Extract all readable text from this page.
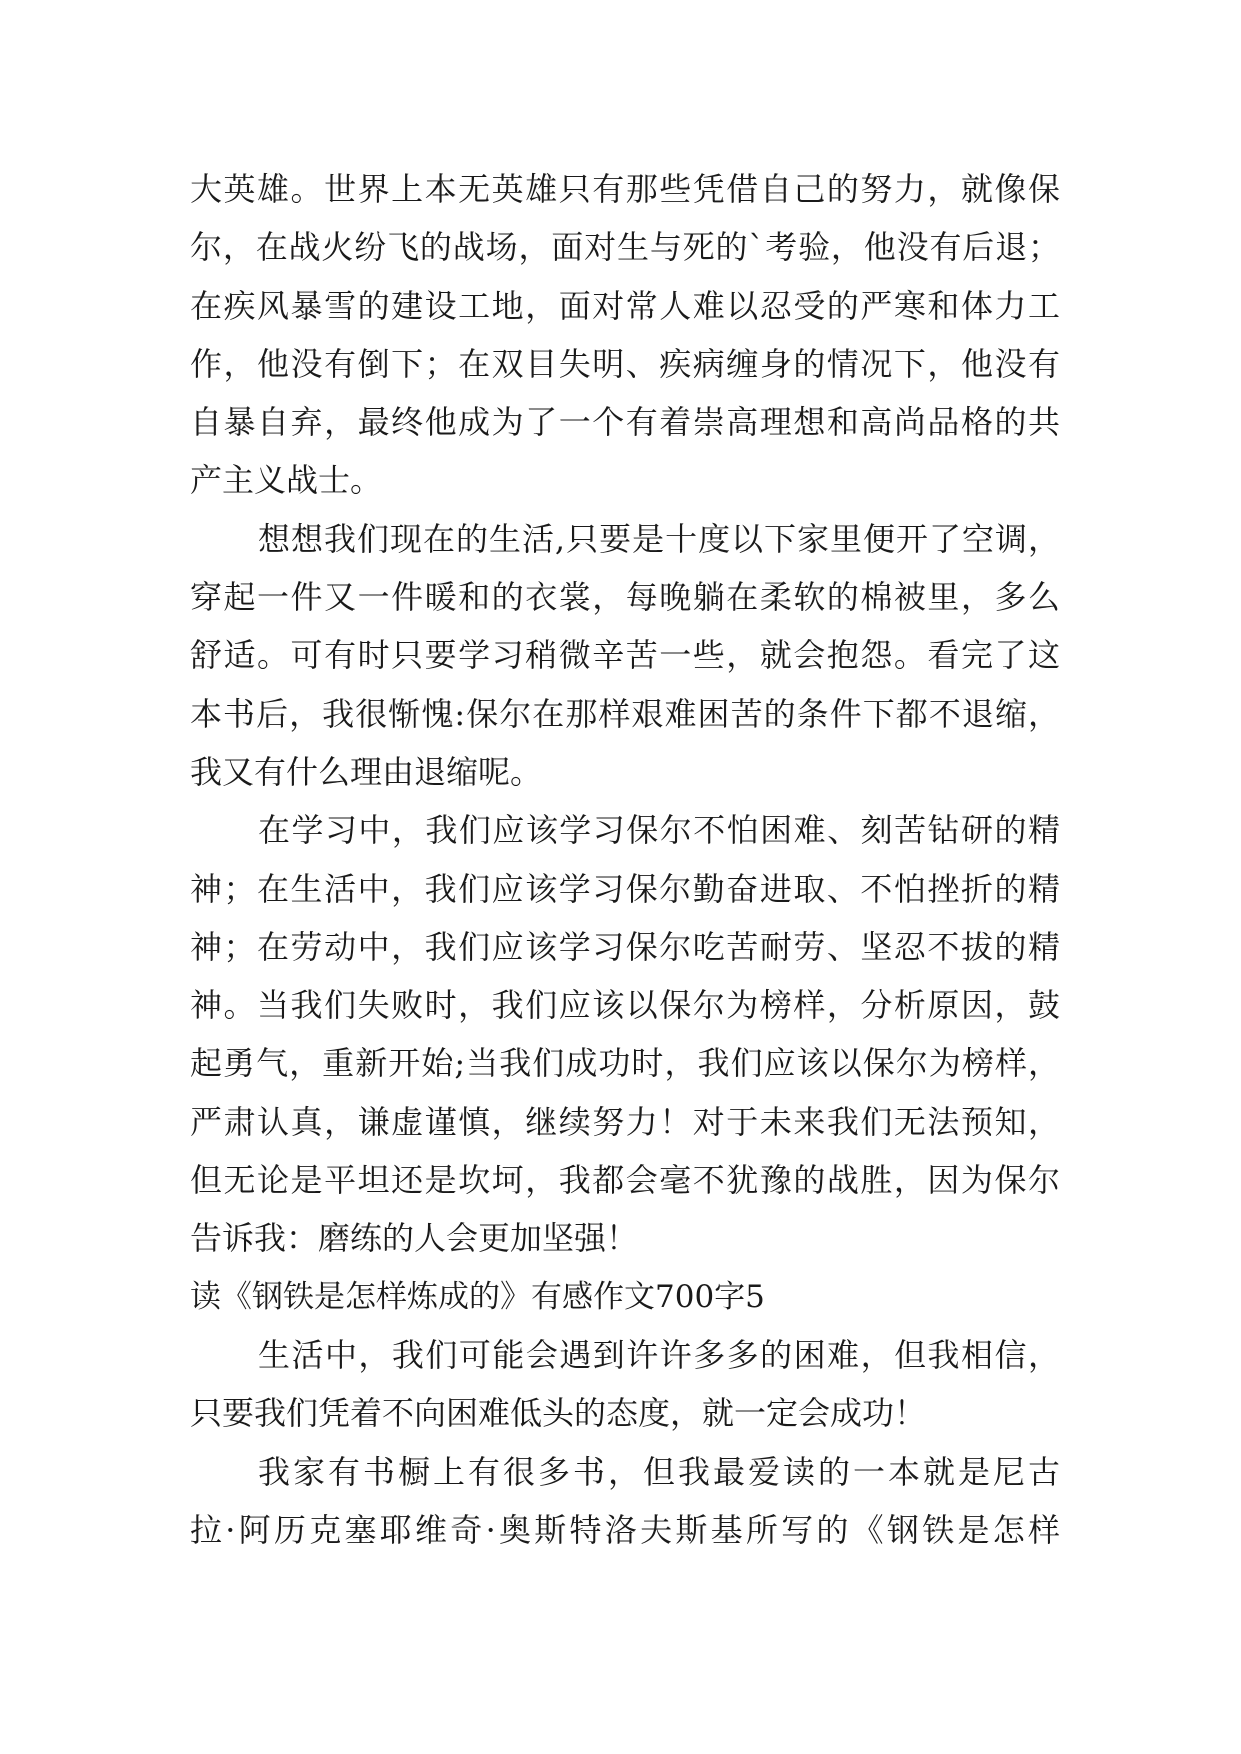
大英雄。世界上本无英雄只有那些凭借自己的努力，就像保
尔，在战火纷飞的战场，面对生与死的`考验，他没有后退；
在疾风暴雪的建设工地，面对常人难以忍受的严寒和体力工
作，他没有倒下；在双目失明、疾病缠身的情况下，他没有
自暴自弃，最终他成为了一个有着崇高理想和高尚品格的共
产主义战士。
想想我们现在的生活,只要是十度以下家里便开了空调，
穿起一件又一件暖和的衣裳，每晚躺在柔软的棉被里，多么
舒适。可有时只要学习稍微辛苦一些，就会抱怨。看完了这
本书后，我很惭愧:保尔在那样艰难困苦的条件下都不退缩，
我又有什么理由退缩呢。
在学习中，我们应该学习保尔不怕困难、刻苦钻研的精
神；在生活中，我们应该学习保尔勤奋进取、不怕挫折的精
神；在劳动中，我们应该学习保尔吃苦耐劳、坚忍不拔的精
神。当我们失败时，我们应该以保尔为榜样，分析原因，鼓
起勇气，重新开始;当我们成功时，我们应该以保尔为榜样，
严肃认真，谦虚谨慎，继续努力！对于未来我们无法预知，
但无论是平坦还是坎坷，我都会毫不犹豫的战胜，因为保尔
告诉我：磨练的人会更加坚强！
读《钢铁是怎样炼成的》有感作文700字5
生活中，我们可能会遇到许许多多的困难，但我相信，
只要我们凭着不向困难低头的态度，就一定会成功！
我家有书橱上有很多书，但我最爱读的一本就是尼古
拉·阿历克塞耶维奇·奥斯特洛夫斯基所写的《钢铁是怎样
